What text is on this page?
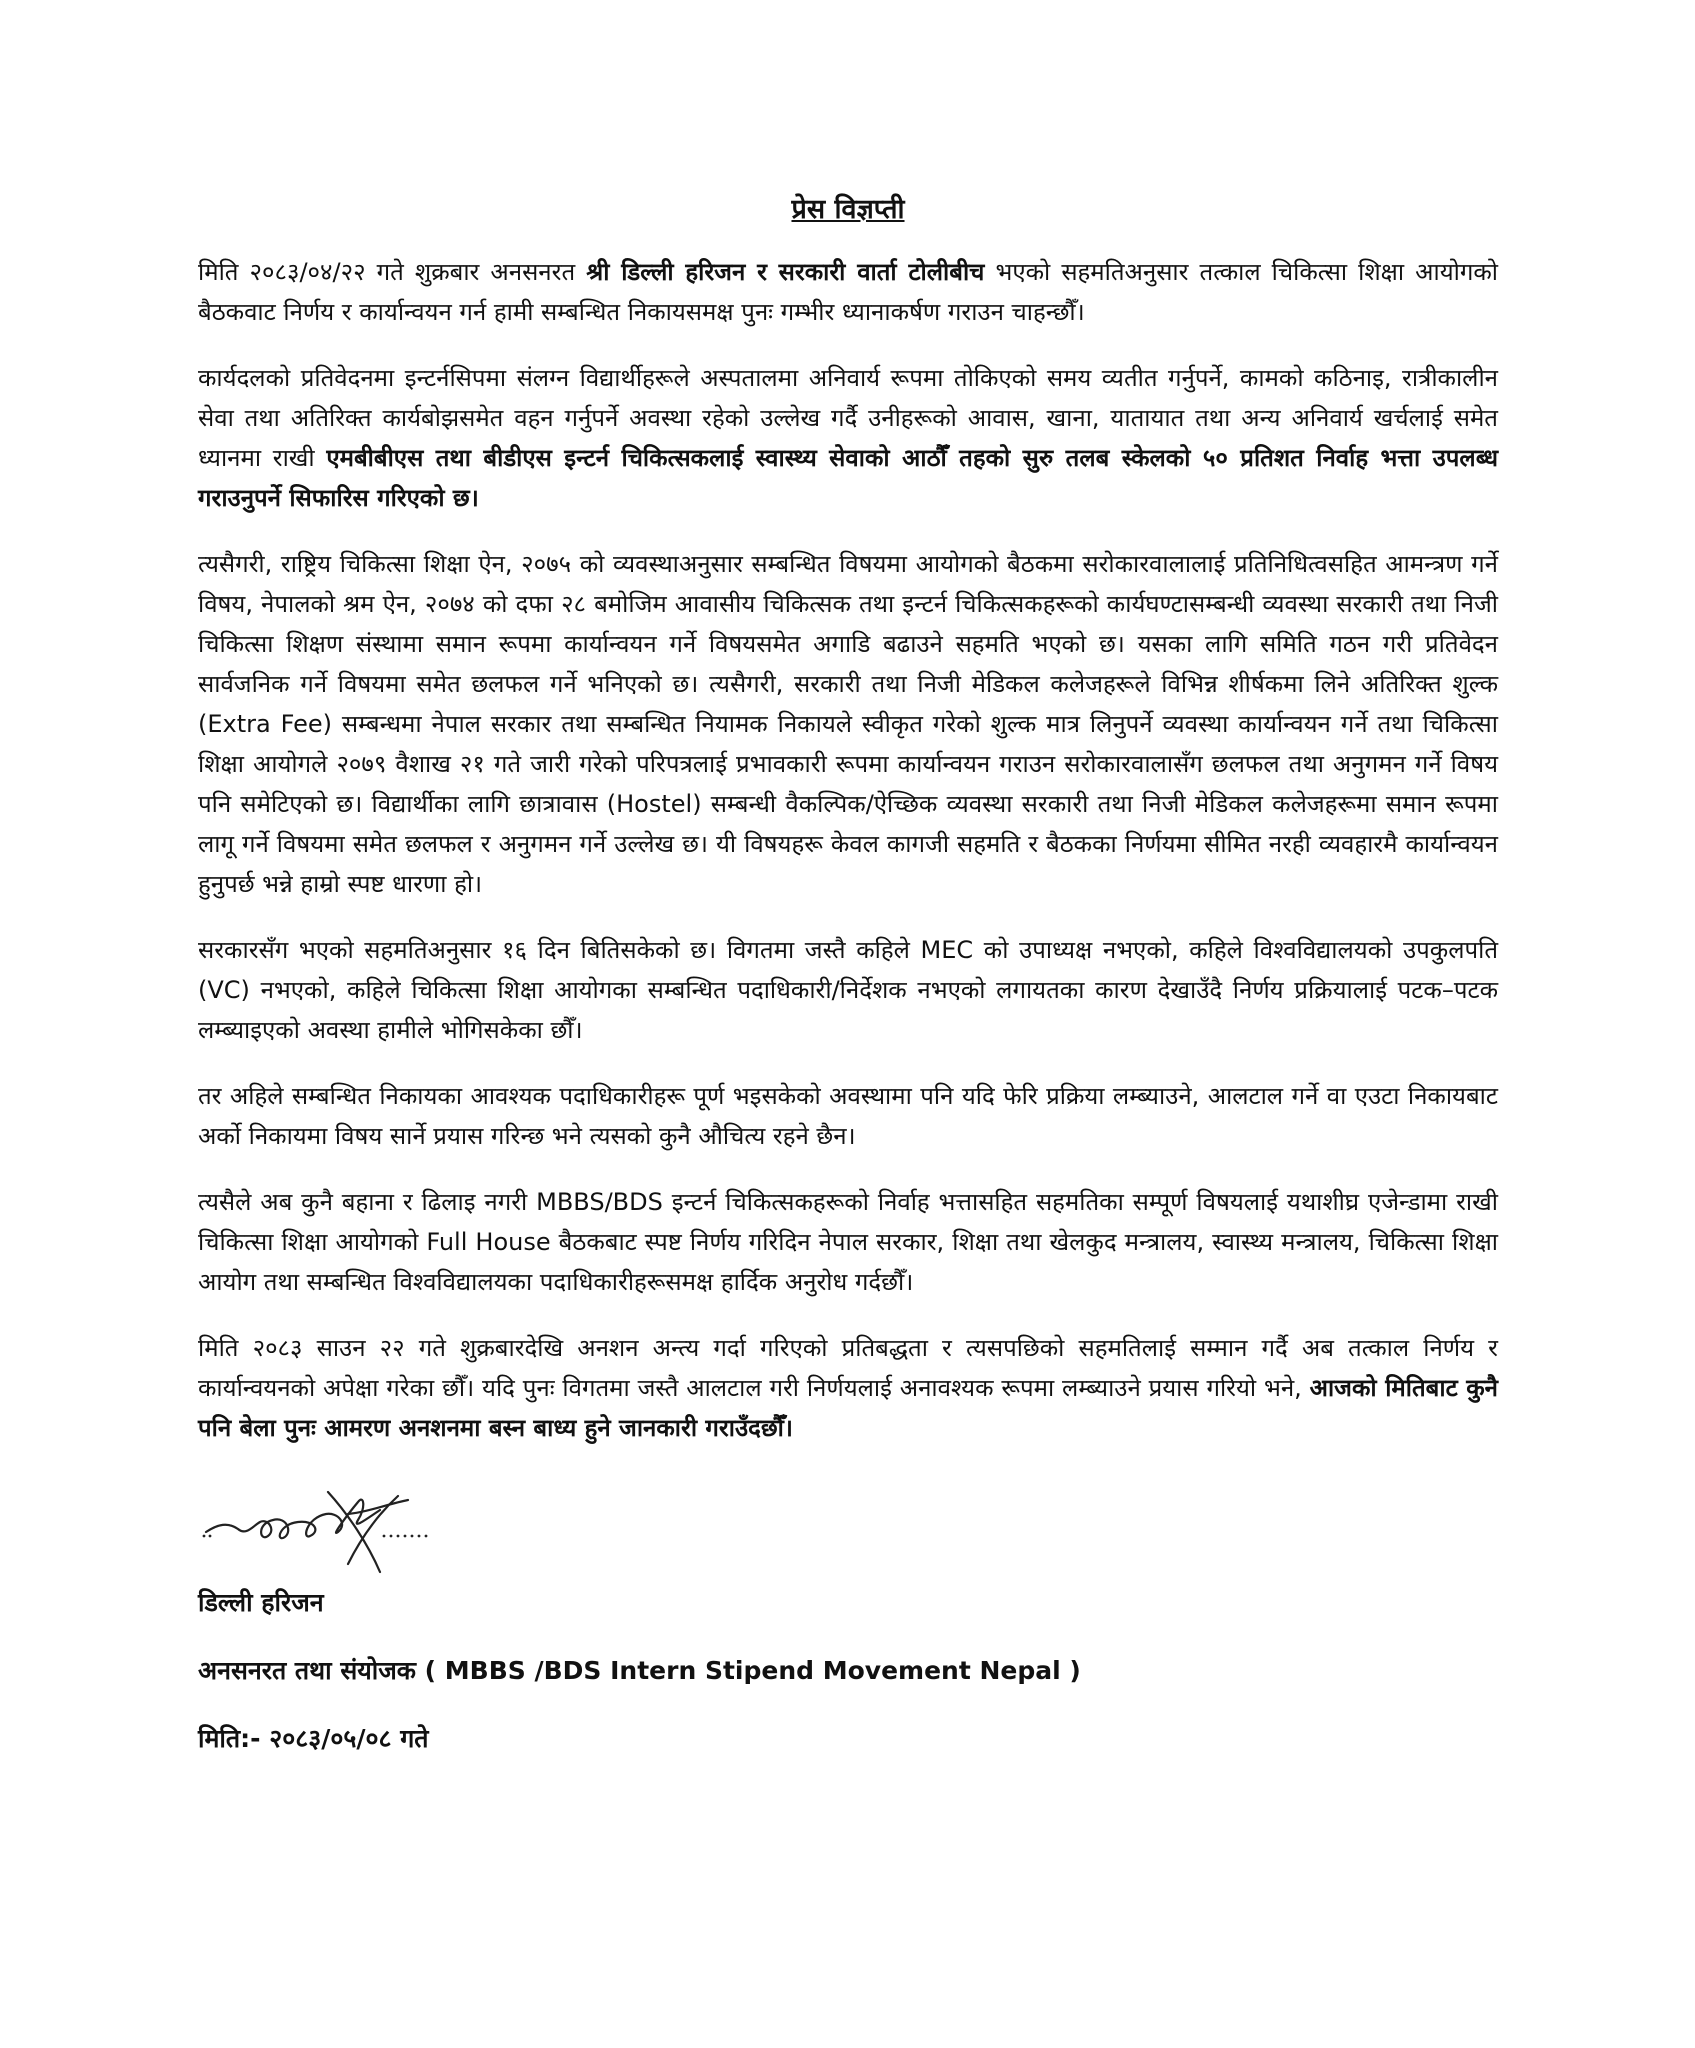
प्रेस विज्ञप्ती

मिति २०८३/०४/२२ गते शुक्रबार अनसनरत श्री डिल्ली हरिजन र सरकारी वार्ता टोलीबीच भएको सहमतिअनुसार तत्काल चिकित्सा शिक्षा आयोगको बैठकवाट निर्णय र कार्यान्वयन गर्न हामी सम्बन्धित निकायसमक्ष पुनः गम्भीर ध्यानाकर्षण गराउन चाहन्छौँ।

कार्यदलको प्रतिवेदनमा इन्टर्नसिपमा संलग्न विद्यार्थीहरूले अस्पतालमा अनिवार्य रूपमा तोकिएको समय व्यतीत गर्नुपर्ने, कामको कठिनाइ, रात्रीकालीन सेवा तथा अतिरिक्त कार्यबोझसमेत वहन गर्नुपर्ने अवस्था रहेको उल्लेख गर्दै उनीहरूको आवास, खाना, यातायात तथा अन्य अनिवार्य खर्चलाई समेत ध्यानमा राखी एमबीबीएस तथा बीडीएस इन्टर्न चिकित्सकलाई स्वास्थ्य सेवाको आठौँ तहको सुरु तलब स्केलको ५० प्रतिशत निर्वाह भत्ता उपलब्ध गराउनुपर्ने सिफारिस गरिएको छ।

त्यसैगरी, राष्ट्रिय चिकित्सा शिक्षा ऐन, २०७५ को व्यवस्थाअनुसार सम्बन्धित विषयमा आयोगको बैठकमा सरोकारवालालाई प्रतिनिधित्वसहित आमन्त्रण गर्ने विषय, नेपालको श्रम ऐन, २०७४ को दफा २८ बमोजिम आवासीय चिकित्सक तथा इन्टर्न चिकित्सकहरूको कार्यघण्टासम्बन्धी व्यवस्था सरकारी तथा निजी चिकित्सा शिक्षण संस्थामा समान रूपमा कार्यान्वयन गर्ने विषयसमेत अगाडि बढाउने सहमति भएको छ। यसका लागि समिति गठन गरी प्रतिवेदन सार्वजनिक गर्ने विषयमा समेत छलफल गर्ने भनिएको छ। त्यसैगरी, सरकारी तथा निजी मेडिकल कलेजहरूले विभिन्न शीर्षकमा लिने अतिरिक्त शुल्क (Extra Fee) सम्बन्धमा नेपाल सरकार तथा सम्बन्धित नियामक निकायले स्वीकृत गरेको शुल्क मात्र लिनुपर्ने व्यवस्था कार्यान्वयन गर्ने तथा चिकित्सा शिक्षा आयोगले २०७९ वैशाख २१ गते जारी गरेको परिपत्रलाई प्रभावकारी रूपमा कार्यान्वयन गराउन सरोकारवालासँग छलफल तथा अनुगमन गर्ने विषय पनि समेटिएको छ। विद्यार्थीका लागि छात्रावास (Hostel) सम्बन्धी वैकल्पिक/ऐच्छिक व्यवस्था सरकारी तथा निजी मेडिकल कलेजहरूमा समान रूपमा लागू गर्ने विषयमा समेत छलफल र अनुगमन गर्ने उल्लेख छ। यी विषयहरू केवल कागजी सहमति र बैठकका निर्णयमा सीमित नरही व्यवहारमै कार्यान्वयन हुनुपर्छ भन्ने हाम्रो स्पष्ट धारणा हो।

सरकारसँग भएको सहमतिअनुसार १६ दिन बितिसकेको छ। विगतमा जस्तै कहिले MEC को उपाध्यक्ष नभएको, कहिले विश्वविद्यालयको उपकुलपति (VC) नभएको, कहिले चिकित्सा शिक्षा आयोगका सम्बन्धित पदाधिकारी/निर्देशक नभएको लगायतका कारण देखाउँदै निर्णय प्रक्रियालाई पटक–पटक लम्ब्याइएको अवस्था हामीले भोगिसकेका छौँ।

तर अहिले सम्बन्धित निकायका आवश्यक पदाधिकारीहरू पूर्ण भइसकेको अवस्थामा पनि यदि फेरि प्रक्रिया लम्ब्याउने, आलटाल गर्ने वा एउटा निकायबाट अर्को निकायमा विषय सार्ने प्रयास गरिन्छ भने त्यसको कुनै औचित्य रहने छैन।

त्यसैले अब कुनै बहाना र ढिलाइ नगरी MBBS/BDS इन्टर्न चिकित्सकहरूको निर्वाह भत्तासहित सहमतिका सम्पूर्ण विषयलाई यथाशीघ्र एजेन्डामा राखी चिकित्सा शिक्षा आयोगको Full House बैठकबाट स्पष्ट निर्णय गरिदिन नेपाल सरकार, शिक्षा तथा खेलकुद मन्त्रालय, स्वास्थ्य मन्त्रालय, चिकित्सा शिक्षा आयोग तथा सम्बन्धित विश्वविद्यालयका पदाधिकारीहरूसमक्ष हार्दिक अनुरोध गर्दछौँ।

मिति २०८३ साउन २२ गते शुक्रबारदेखि अनशन अन्त्य गर्दा गरिएको प्रतिबद्धता र त्यसपछिको सहमतिलाई सम्मान गर्दै अब तत्काल निर्णय र कार्यान्वयनको अपेक्षा गरेका छौँ। यदि पुनः विगतमा जस्तै आलटाल गरी निर्णयलाई अनावश्यक रूपमा लम्ब्याउने प्रयास गरियो भने, आजको मितिबाट कुनै पनि बेला पुनः आमरण अनशनमा बस्न बाध्य हुने जानकारी गराउँदछौँ।

डिल्ली हरिजन
अनसनरत तथा संयोजक ( MBBS /BDS Intern Stipend Movement Nepal )
मिति:- २०८३/०५/०८ गते
